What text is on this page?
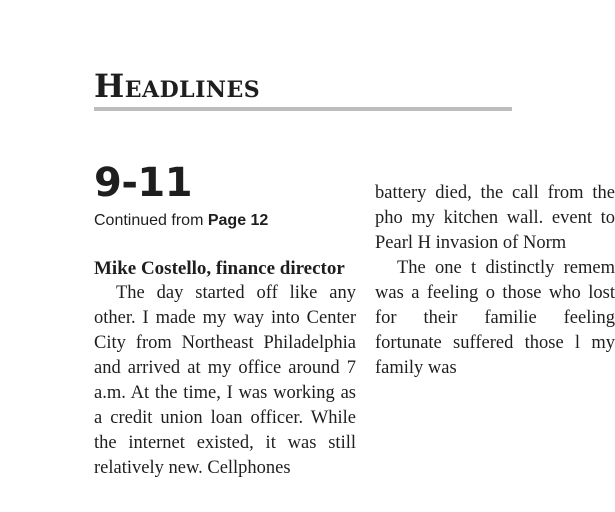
Headlines
9-11
Continued from Page 12

Mike Costello, finance director

The day started off like any other. I made my way into Center City from Northeast Philadelphia and arrived at my office around 7 a.m. At the time, I was working as a credit union loan officer. While the internet existed, it was still relatively new. Cellphones

battery died, the call from the pho my kitchen wall. event to Pearl H invasion of Norm

The one t distinctly remem was a feeling o those who lost for their familie feeling fortunate suffered those l my family was
